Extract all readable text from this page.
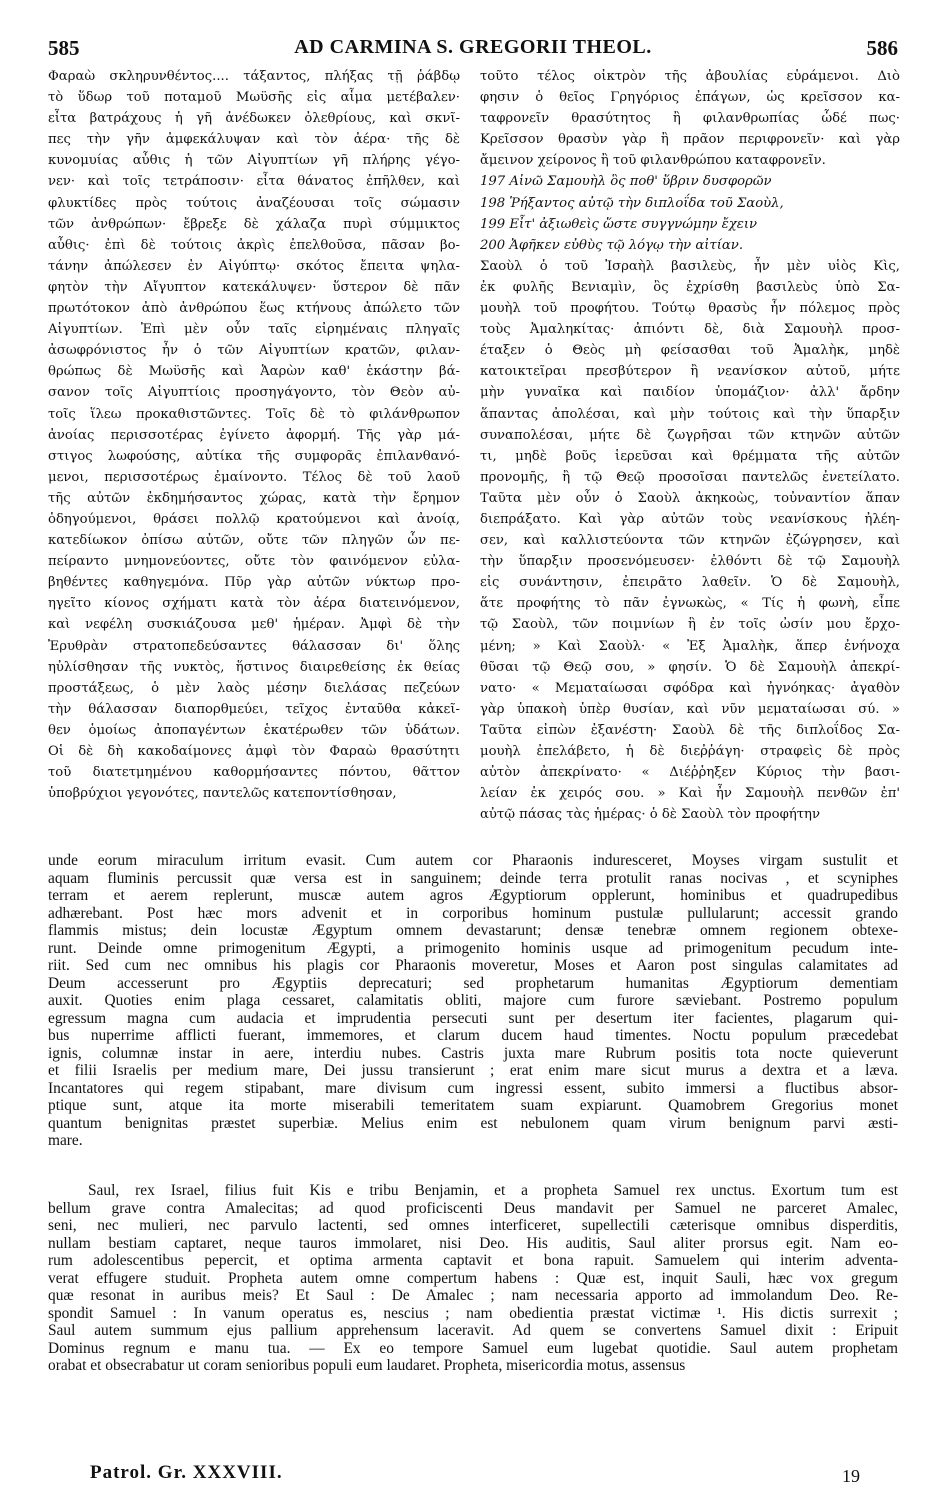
585	AD CARMINA S. GREGORII THEOL.	586
Φαραὼ σκληρυνθέντος.... τάξαντος, πλήξας τῇ ῥάβδῳ
τὸ ὕδωρ τοῦ ποταμοῦ Μωϋσῆς εἰς αἷμα μετέβαλεν·
εἶτα βατράχους ἡ γῆ ἀνέδωκεν ὀλεθρίους, καὶ σκνῖ-
πες τὴν γῆν ἀμφεκάλυψαν καὶ τὸν ἀέρα· τῆς δὲ
κυνομυίας αὖθις ἡ τῶν Αἰγυπτίων γῆ πλήρης γέγο-
νεν· καὶ τοῖς τετράποσιν· εἶτα θάνατος ἐπῆλθεν, καὶ
φλυκτίδες πρὸς τούτοις ἀναζέουσαι τοῖς σώμασιν
τῶν ἀνθρώπων· ἔβρεξε δὲ χάλαζα πυρὶ σύμμικτος
αὖθις· ἐπὶ δὲ τούτοις ἀκρὶς ἐπελθοῦσα, πᾶσαν βο-
τάνην ἀπώλεσεν ἐν Αἰγύπτῳ· σκότος ἔπειτα ψηλα-
φητὸν τὴν Αἴγυπτον κατεκάλυψεν· ὕστερον δὲ πᾶν
πρωτότοκον ἀπὸ ἀνθρώπου ἕως κτήνους ἀπώλετο τῶν
Αἰγυπτίων. Ἐπὶ μὲν οὖν ταῖς εἰρημέναις πληγαῖς
ἀσωφρόνιστος ἦν ὁ τῶν Αἰγυπτίων κρατῶν, φιλαν-
θρώπως δὲ Μωϋσῆς καὶ Ἀαρὼν καθ' ἑκάστην βά-
σανον τοῖς Αἰγυπτίοις προσηγάγοντο, τὸν Θεὸν αὐ-
τοῖς ἵλεω προκαθιστῶντες. Τοῖς δὲ τὸ φιλάνθρωπον
ἀνοίας περισσοτέρας ἐγίνετο ἀφορμή. Τῆς γὰρ μά-
στιγος λωφούσης, αὐτίκα τῆς συμφορᾶς ἐπιλανθανό-
μενοι, περισσοτέρως ἐμαίνοντο. Τέλος δὲ τοῦ λαοῦ
τῆς αὐτῶν ἐκδημήσαντος χώρας, κατὰ τὴν ἔρημον
ὁδηγούμενοι, θράσει πολλῷ κρατούμενοι καὶ ἀνοίᾳ,
κατεδίωκον ὀπίσω αὐτῶν, οὔτε τῶν πληγῶν ὧν πε-
πείραντο μνημονεύοντες, οὔτε τὸν φαινόμενον εὐλα-
βηθέντες καθηγεμόνα. Πῦρ γὰρ αὐτῶν νύκτωρ προ-
ηγεῖτο κίονος σχήματι κατὰ τὸν ἀέρα διατεινόμενον,
καὶ νεφέλη συσκιάζουσα μεθ' ἡμέραν. Ἀμφὶ δὲ τὴν
Ἐρυθρὰν στρατοπεδεύσαντες θάλασσαν δι' ὅλης
ηὐλίσθησαν τῆς νυκτὸς, ἥστινος διαιρεθείσης ἐκ θείας
προστάξεως, ὁ μὲν λαὸς μέσην διελάσας πεζεύων
τὴν θάλασσαν διαπορθμεύει, τεῖχος ἐνταῦθα κἀκεῖ-
θεν ὁμοίως ἀποπαγέντων ἑκατέρωθεν τῶν ὑδάτων.
Οἱ δὲ δὴ κακοδαίμονες ἀμφὶ τὸν Φαραὼ θρασύτητι
τοῦ διατετμημένου καθορμήσαντες πόντου, θᾶττον
ὑποβρύχιοι γεγονότες, παντελῶς κατεποντίσθησαν,
τοῦτο τέλος οἰκτρὸν τῆς ἀβουλίας εὑράμενοι. Διὸ
φησιν ὁ θεῖος Γρηγόριος ἐπάγων, ὡς κρεῖσσον κα-
ταφρονεῖν θρασύτητος ἢ φιλανθρωπίας ὧδέ πως·
Κρεῖσσον θρασὺν γὰρ ἢ πρᾶον περιφρονεῖν· καὶ γὰρ
ἄμεινον χείρονος ἢ τοῦ φιλανθρώπου καταφρονεῖν.
197 Αἰνῶ Σαμουὴλ ὃς ποθ' ὕβριν δυσφορῶν
198 Ῥήξαντος αὐτῷ τὴν διπλοΐδα τοῦ Σαοὺλ,
199 Εἶτ' ἀξιωθεὶς ὥστε συγγνώμην ἔχειν
200 Ἀφῆκεν εὐθὺς τῷ λόγῳ τὴν αἰτίαν.
Σαοὺλ ὁ τοῦ Ἰσραὴλ βασιλεὺς, ἦν μὲν υἱὸς Κὶς,
ἐκ φυλῆς Βενιαμὶν, ὃς ἐχρίσθη βασιλεὺς ὑπὸ Σα-
μουὴλ τοῦ προφήτου. Τούτῳ θρασὺς ἦν πόλεμος πρὸς
τοὺς Ἀμαληκίτας· ἀπιόντι δὲ, διὰ Σαμουὴλ προσ-
έταξεν ὁ Θεὸς μὴ φείσασθαι τοῦ Ἀμαλὴκ, μηδὲ
κατοικτεῖραι πρεσβύτερον ἢ νεανίσκον αὐτοῦ, μήτε
μὴν γυναῖκα καὶ παιδίον ὑπομάζιον· ἀλλ' ἄρδην
ἅπαντας ἀπολέσαι, καὶ μὴν τούτοις καὶ τὴν ὕπαρξιν
συναπολέσαι, μήτε δὲ ζωγρῆσαι τῶν κτηνῶν αὐτῶν
τι, μηδὲ βοῦς ἱερεῦσαι καὶ θρέμματα τῆς αὐτῶν
προνομῆς, ἢ τῷ Θεῷ προσοῖσαι παντελῶς ἐνετείλατο.
Ταῦτα μὲν οὖν ὁ Σαοὺλ ἀκηκοὼς, τοὐναντίον ἅπαν
διεπράξατο. Καὶ γὰρ αὐτῶν τοὺς νεανίσκους ἠλέη-
σεν, καὶ καλλιστεύοντα τῶν κτηνῶν ἐζώγρησεν, καὶ
τὴν ὕπαρξιν προσενόμευσεν· ἐλθόντι δὲ τῷ Σαμουὴλ
εἰς συνάντησιν, ἐπειρᾶτο λαθεῖν. Ὁ δὲ Σαμουὴλ,
ἅτε προφήτης τὸ πᾶν ἐγνωκὼς, « Τίς ἡ φωνὴ, εἶπε
τῷ Σαοὺλ, τῶν ποιμνίων ἣ ἐν τοῖς ὠσίν μου ἔρχο-
μένη; » Καὶ Σαοὺλ· « Ἐξ Ἀμαλὴκ, ἅπερ ἐνήνοχα
θῦσαι τῷ Θεῷ σου, » φησίν. Ὁ δὲ Σαμουὴλ ἀπεκρί-
νατο· « Μεματαίωσαι σφόδρα καὶ ἠγνόηκας· ἀγαθὸν
γὰρ ὑπακοὴ ὑπὲρ θυσίαν, καὶ νῦν μεματαίωσαι σύ. »
Ταῦτα εἰπὼν ἐξανέστη· Σαοὺλ δὲ τῆς διπλοΐδος Σα-
μουὴλ ἐπελάβετο, ἡ δὲ διεῤῥάγη· στραφεὶς δὲ πρὸς
αὐτὸν ἀπεκρίνατο· « Διέῤῥηξεν Κύριος τὴν βασι-
λείαν ἐκ χειρός σου. » Καὶ ἦν Σαμουὴλ πενθῶν ἐπ'
αὐτῷ πάσας τὰς ἡμέρας· ὁ δὲ Σαοὺλ τὸν προφήτην
unde eorum miraculum irritum evasit. Cum autem cor Pharaonis induresceret, Moyses virgam sustulit et
aquam fluminis percussit quæ versa est in sanguinem; deinde terra protulit ranas nocivas , et scyniphes
terram et aerem replerunt, muscæ autem agros Ægyptiorum opplerunt, hominibus et quadrupedibus
adhærebant. Post hæc mors advenit et in corporibus hominum pustulæ pullularunt; accessit grando
flammis mistus; dein locustæ Ægyptum omnem devastarunt; densæ tenebræ omnem regionem obtexe-
runt. Deinde omne primogenitum Ægypti, a primogenito hominis usque ad primogenitum pecudum inte-
riit. Sed cum nec omnibus his plagis cor Pharaonis moveretur, Moses et Aaron post singulas calamitates ad
Deum accesserunt pro Ægyptiis deprecaturi; sed prophetarum humanitas Ægyptiorum dementiam
auxit. Quoties enim plaga cessaret, calamitatis obliti, majore cum furore sæviebant. Postremo populum
egressum magna cum audacia et imprudentia persecuti sunt per desertum iter facientes, plagarum qui-
bus nuperrime afflicti fuerant, immemores, et clarum ducem haud timentes. Noctu populum præcedebat
ignis, columnæ instar in aere, interdiu nubes. Castris juxta mare Rubrum positis tota nocte quieverunt
et filii Israelis per medium mare, Dei jussu transierunt ; erat enim mare sicut murus a dextra et a læva.
Incantatores qui regem stipabant, mare divisum cum ingressi essent, subito immersi a fluctibus absor-
ptique sunt, atque ita morte miserabili temeritatem suam expiarunt. Quamobrem Gregorius monet
quantum benignitas præstet superbiæ. Melius enim est nebulonem quam virum benignum parvi æsti-
mare.
Saul, rex Israel, filius fuit Kis e tribu Benjamin, et a propheta Samuel rex unctus. Exortum tum est
bellum grave contra Amalecitas; ad quod proficiscenti Deus mandavit per Samuel ne parceret Amalec,
seni, nec mulieri, nec parvulo lactenti, sed omnes interficeret, supellectili cæterisque omnibus disperditis,
nullam bestiam captaret, neque tauros immolaret, nisi Deo. His auditis, Saul aliter prorsus egit. Nam eo-
rum adolescentibus pepercit, et optima armenta captavit et bona rapuit. Samuelem qui interim adventa-
verat effugere studuit. Propheta autem omne compertum habens : Quæ est, inquit Sauli, hæc vox gregum
quæ resonat in auribus meis? Et Saul : De Amalec ; nam necessaria apporto ad immolandum Deo. Re-
spondit Samuel : In vanum operatus es, nescius ; nam obedientia præstat victimæ ¹. His dictis surrexit ;
Saul autem summum ejus pallium apprehensum laceravit. Ad quem se convertens Samuel dixit : Eripuit
Dominus regnum e manu tua. — Ex eo tempore Samuel eum lugebat quotidie. Saul autem prophetam
orabat et obsecrabatur ut coram senioribus populi eum laudaret. Propheta, misericordia motus, assensus
Patrol. Gr. XXXVIII.	19
